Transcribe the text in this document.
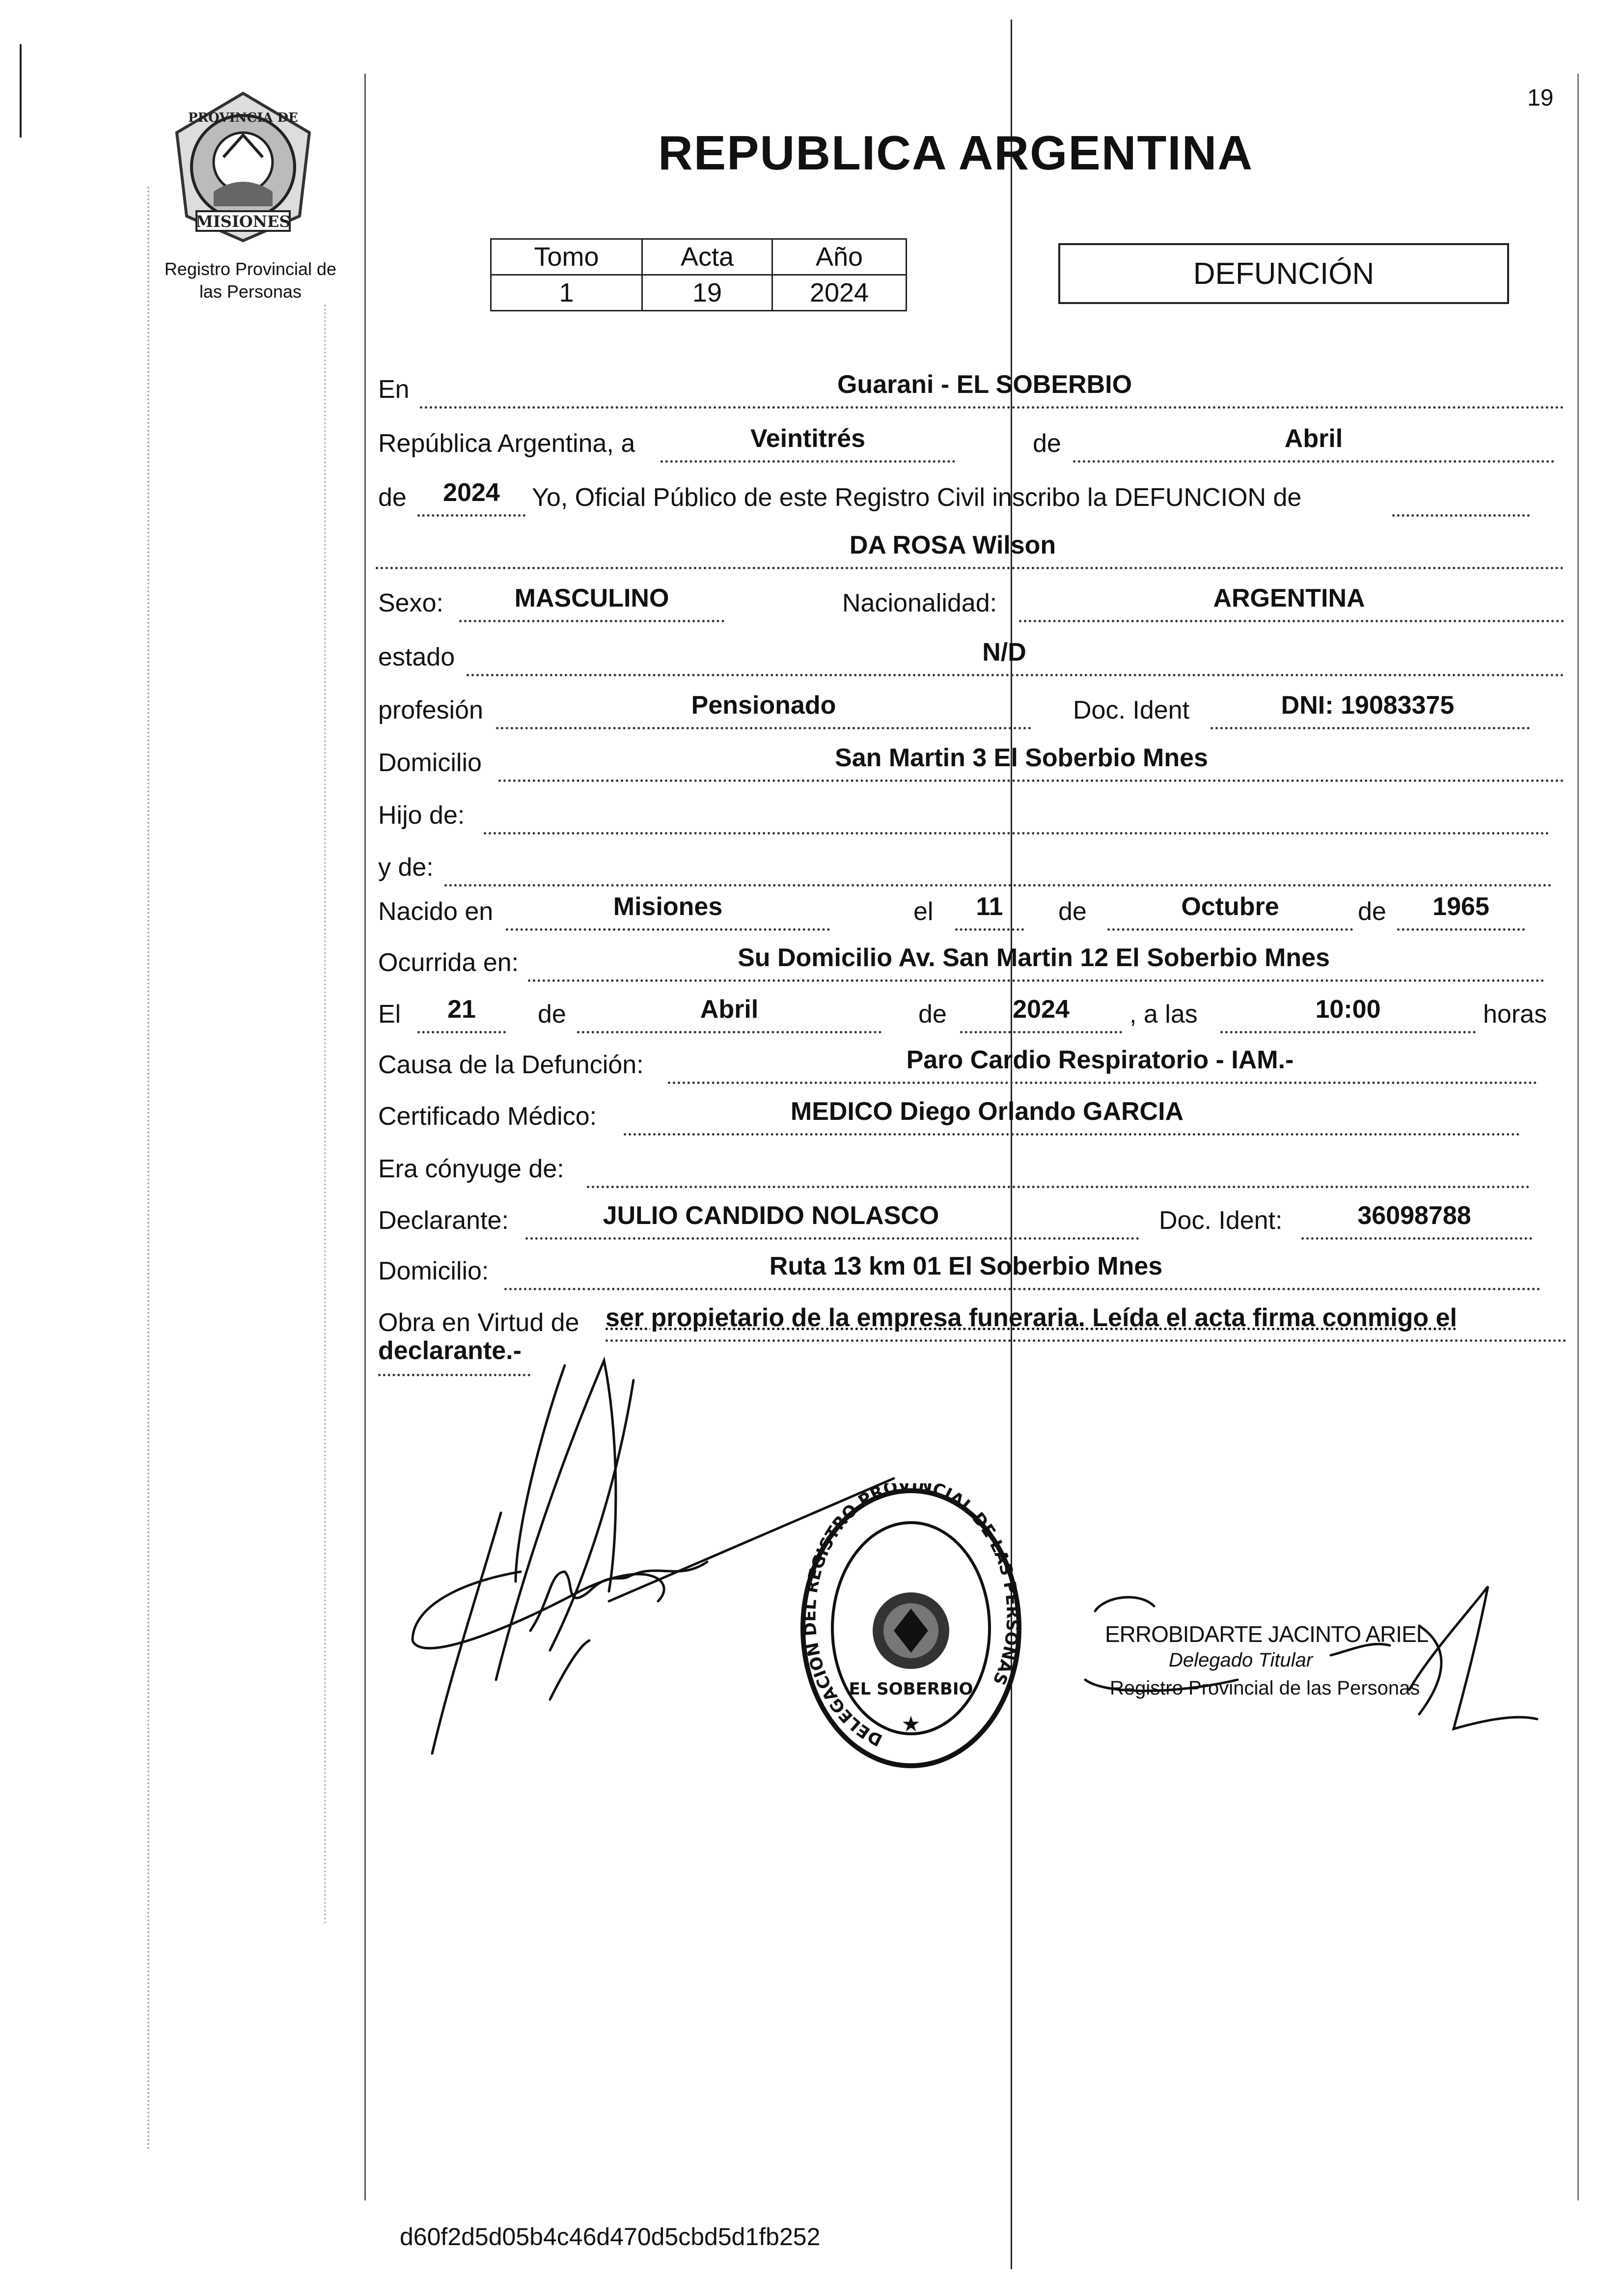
19
MISIONES
PROVINCIA DE
Registro Provincial de
las Personas
REPUBLICA ARGENTINA
Tomo	Acta	Año
1	19	2024
DEFUNCIÓN
En	Guarani - EL SOBERBIO
República Argentina, a	Veintitrés	de	Abril
de	2024	Yo, Oficial Público de este Registro Civil inscribo la DEFUNCION de
DA ROSA Wilson
Sexo:	MASCULINO	Nacionalidad:	ARGENTINA
estado	N/D
profesión	Pensionado	Doc. Ident	DNI: 19083375
Domicilio	San Martin 3 El Soberbio Mnes
Hijo de:
y de:
Nacido en	Misiones	el	11	de	Octubre	de	1965
Ocurrida en:	Su Domicilio Av. San Martin 12 El Soberbio Mnes
El	21	de	Abril	de	2024	, a las	10:00	horas
Causa de la Defunción:	Paro Cardio Respiratorio - IAM.-
Certificado Médico:	MEDICO Diego Orlando GARCIA
Era cónyuge de:
Declarante:	JULIO CANDIDO NOLASCO	Doc. Ident:	36098788
Domicilio:	Ruta 13 km 01 El Soberbio Mnes
Obra en Virtud de ser propietario de la empresa funeraria. Leída el acta firma conmigo el
declarante.-
DELEGACION DEL REGISTRO PROVINCIAL DE LAS PERSONAS
EL SOBERBIO
★
ERROBIDARTE JACINTO ARIEL
Delegado Titular
Registro Provincial de las Personas
d60f2d5d05b4c46d470d5cbd5d1fb252
